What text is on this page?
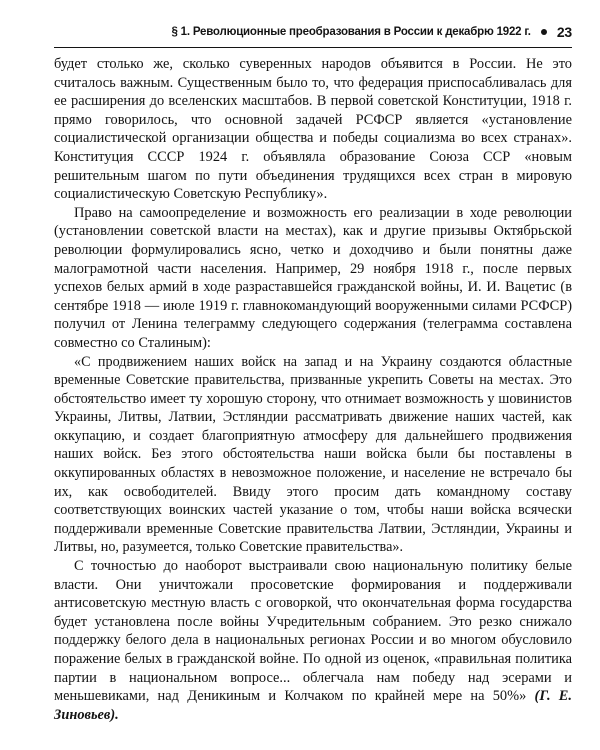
§ 1. Революционные преобразования в России к декабрю 1922 г. 23

будет столько же, сколько суверенных народов объявится в России. Не это считалось важным. Существенным было то, что федерация приспосабливалась для ее расширения до вселенских масштабов. В первой советской Конституции, 1918 г. прямо говорилось, что основной задачей РСФСР является «установление социалистической организации общества и победы социализма во всех странах». Конституция СССР 1924 г. объявляла образование Союза ССР «новым решительным шагом по пути объединения трудящихся всех стран в мировую социалистическую Советскую Республику».

Право на самоопределение и возможность его реализации в ходе революции (установлении советской власти на местах), как и другие призывы Октябрьской революции формулировались ясно, четко и доходчиво и были понятны даже малограмотной части населения. Например, 29 ноября 1918 г., после первых успехов белых армий в ходе разраставшейся гражданской войны, И. И. Вацетис (в сентябре 1918 — июле 1919 г. главнокомандующий вооруженными силами РСФСР) получил от Ленина телеграмму следующего содержания (телеграмма составлена совместно со Сталиным):

«С продвижением наших войск на запад и на Украину создаются областные временные Советские правительства, призванные укрепить Советы на местах. Это обстоятельство имеет ту хорошую сторону, что отнимает возможность у шовинистов Украины, Литвы, Латвии, Эстляндии рассматривать движение наших частей, как оккупацию, и создает благоприятную атмосферу для дальнейшего продвижения наших войск. Без этого обстоятельства наши войска были бы поставлены в оккупированных областях в невозможное положение, и население не встречало бы их, как освободителей. Ввиду этого просим дать командному составу соответствующих воинских частей указание о том, чтобы наши войска всячески поддерживали временные Советские правительства Латвии, Эстляндии, Украины и Литвы, но, разумеется, только Советские правительства».

С точностью до наоборот выстраивали свою национальную политику белые власти. Они уничтожали просоветские формирования и поддерживали антисоветскую местную власть с оговоркой, что окончательная форма государства будет установлена после войны Учредительным собранием. Это резко снижало поддержку белого дела в национальных регионах России и во многом обусловило поражение белых в гражданской войне. По одной из оценок, «правильная политика партии в национальном вопросе... облегчала нам победу над эсерами и меньшевиками, над Деникиным и Колчаком по крайней мере на 50%» (Г. Е. Зиновьев).
